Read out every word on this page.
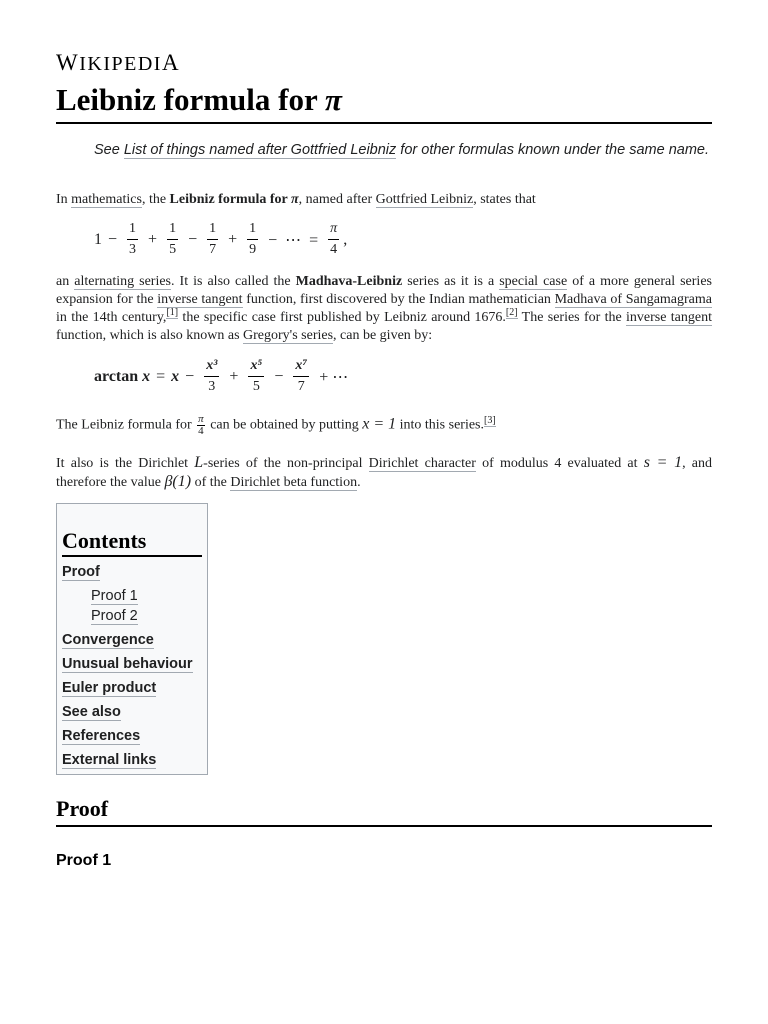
WIKIPEDIA
Leibniz formula for π
See List of things named after Gottfried Leibniz for other formulas known under the same name.
In mathematics, the Leibniz formula for π, named after Gottfried Leibniz, states that
$1 - \frac{1}{3} + \frac{1}{5} - \frac{1}{7} + \frac{1}{9}$ −  ⋯  = $\frac{\pi}{4}$ ,
an alternating series. It is also called the Madhava-Leibniz series as it is a special case of a more general series expansion for the inverse tangent function, first discovered by the Indian mathematician Madhava of Sangamagrama in the 14th century,[1] the specific case first published by Leibniz around 1676.[2] The series for the inverse tangent function, which is also known as Gregory's series, can be given by:
arctan
$x = x - \frac{\text{x³}}{3} + \frac{\text{x⁵}}{5} - \frac{\text{x⁷}}{7}$ + ⋯
The Leibniz formula for $\frac{\pi}{4}$ can be obtained by putting x = 1 into this series.[3]
It also is the Dirichlet L-series of the non-principal Dirichlet character of modulus 4 evaluated at s = 1, and therefore the value β(1) of the Dirichlet beta function.
Contents
Proof
Proof 1
Proof 2
Convergence
Unusual behaviour
Euler product
See also
References
External links
Proof
Proof 1
